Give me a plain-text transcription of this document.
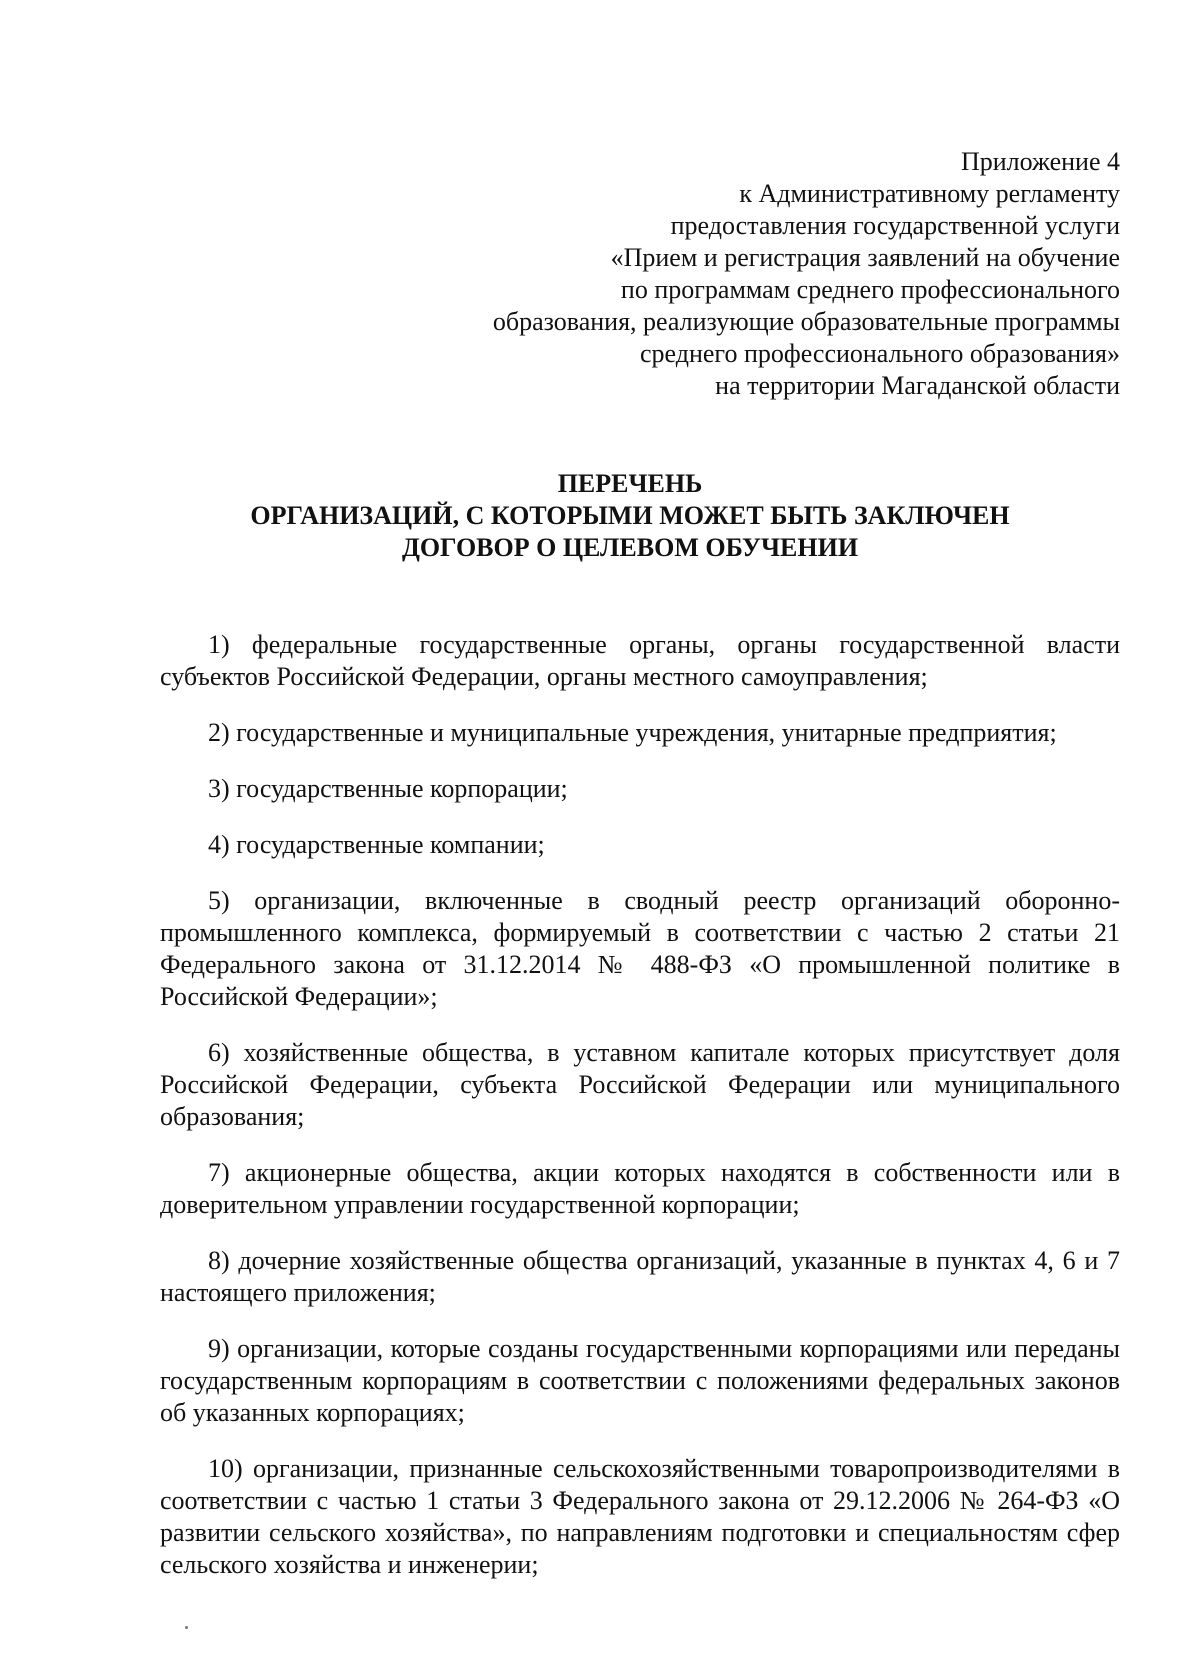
Приложение 4
к Административному регламенту
предоставления государственной услуги
«Прием и регистрация заявлений на обучение
по программам среднего профессионального
образования, реализующие образовательные программы
среднего профессионального образования»
на территории Магаданской области
ПЕРЕЧЕНЬ
ОРГАНИЗАЦИЙ, С КОТОРЫМИ МОЖЕТ БЫТЬ ЗАКЛЮЧЕН
ДОГОВОР О ЦЕЛЕВОМ ОБУЧЕНИИ

1) федеральные государственные органы, органы государственной власти субъектов Российской Федерации, органы местного самоуправления;

2) государственные и муниципальные учреждения, унитарные предприятия;

3) государственные корпорации;

4) государственные компании;

5) организации, включенные в сводный реестр организаций оборонно-промышленного комплекса, формируемый в соответствии с частью 2 статьи 21 Федерального закона от 31.12.2014 № 488-ФЗ «О промышленной политике в Российской Федерации»;

6) хозяйственные общества, в уставном капитале которых присутствует доля Российской Федерации, субъекта Российской Федерации или муниципального образования;

7) акционерные общества, акции которых находятся в собственности или в доверительном управлении государственной корпорации;

8) дочерние хозяйственные общества организаций, указанные в пунктах 4, 6 и 7 настоящего приложения;

9) организации, которые созданы государственными корпорациями или переданы государственным корпорациям в соответствии с положениями федеральных законов об указанных корпорациях;

10) организации, признанные сельскохозяйственными товаропроизводителями в соответствии с частью 1 статьи 3 Федерального закона от 29.12.2006 № 264-ФЗ «О развитии сельского хозяйства», по направлениям подготовки и специальностям сфер сельского хозяйства и инженерии;
